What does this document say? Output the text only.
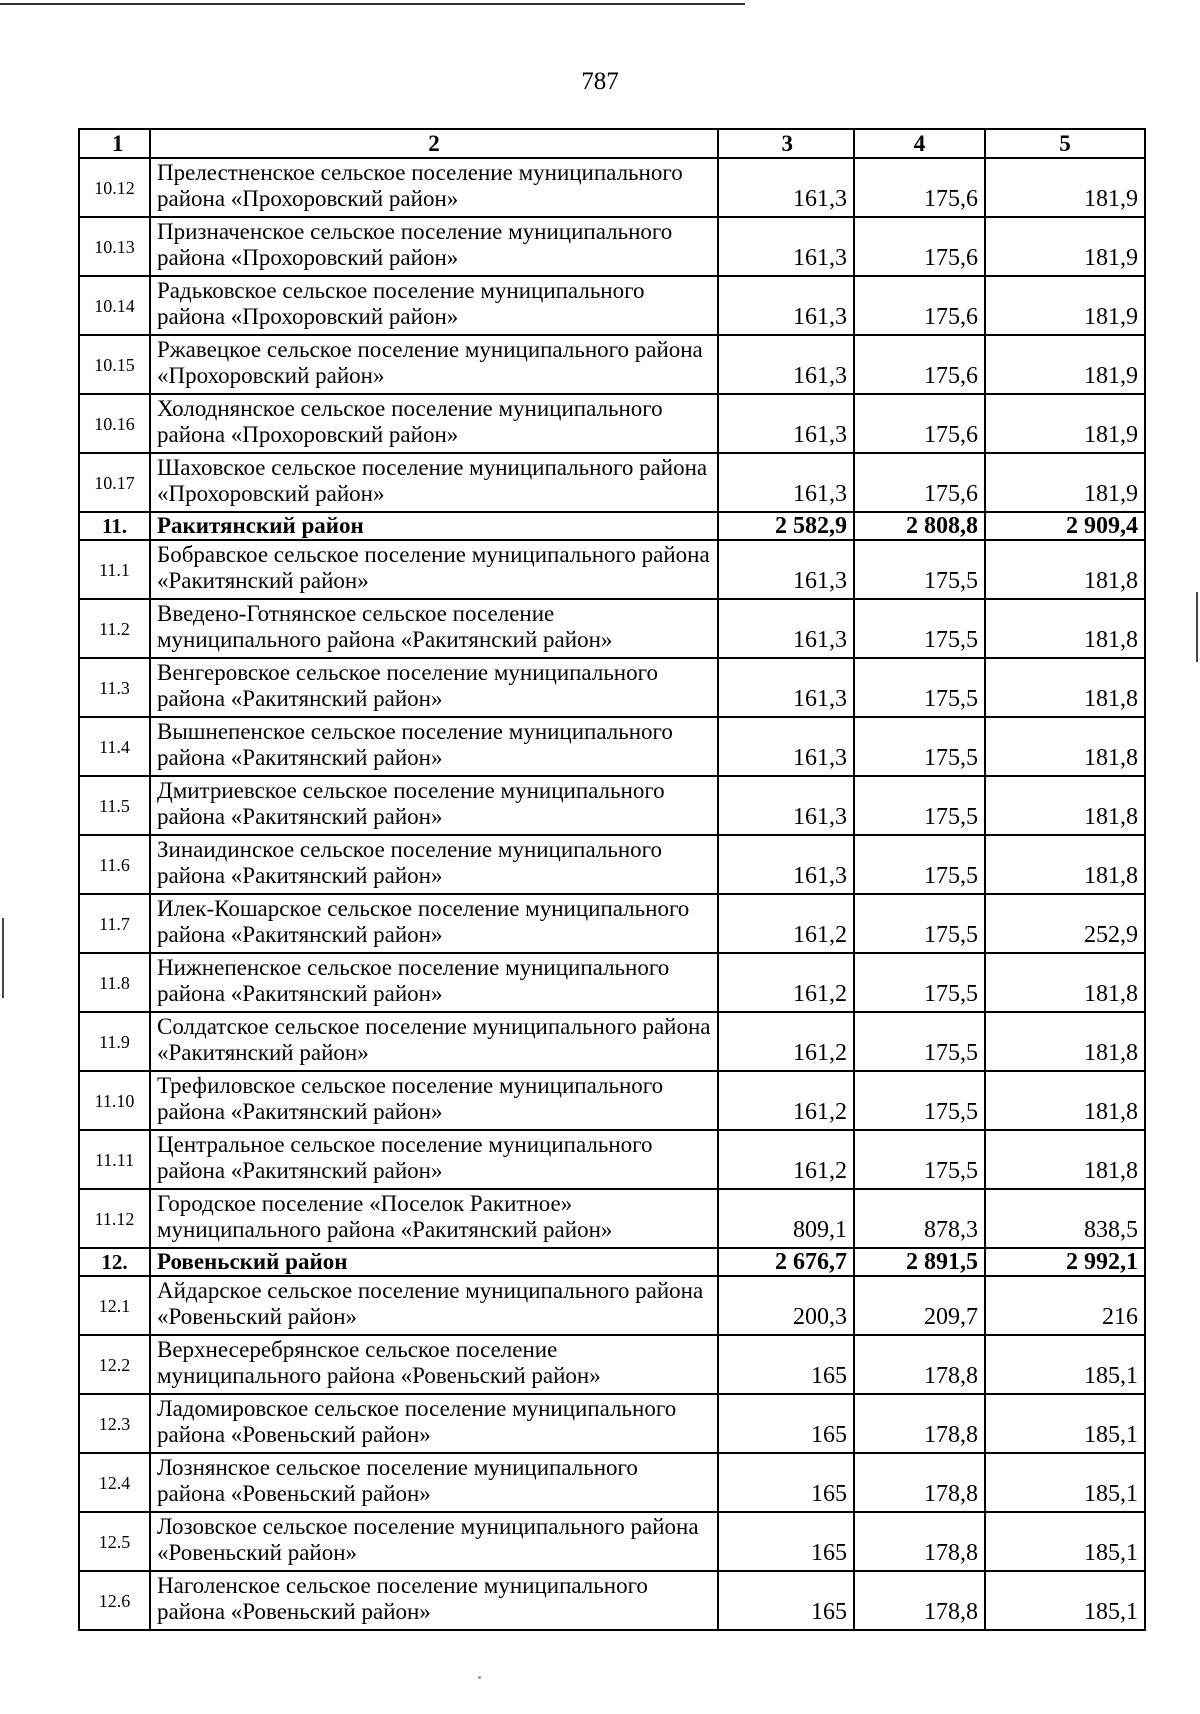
787
1	2	3	4	5
10.12	Прелестненское сельское поселение муниципального района «Прохоровский район»	161,3	175,6	181,9
10.13	Призначенское сельское поселение муниципального района «Прохоровский район»	161,3	175,6	181,9
10.14	Радьковское сельское поселение муниципального района «Прохоровский район»	161,3	175,6	181,9
10.15	Ржавецкое сельское поселение муниципального района «Прохоровский район»	161,3	175,6	181,9
10.16	Холоднянское сельское поселение муниципального района «Прохоровский район»	161,3	175,6	181,9
10.17	Шаховское сельское поселение муниципального района «Прохоровский район»	161,3	175,6	181,9
11.	Ракитянский район	2 582,9	2 808,8	2 909,4
11.1	Бобравское сельское поселение муниципального района «Ракитянский район»	161,3	175,5	181,8
11.2	Введено-Готнянское сельское поселение муниципального района «Ракитянский район»	161,3	175,5	181,8
11.3	Венгеровское сельское поселение муниципального района «Ракитянский район»	161,3	175,5	181,8
11.4	Вышнепенское сельское поселение муниципального района «Ракитянский район»	161,3	175,5	181,8
11.5	Дмитриевское сельское поселение муниципального района «Ракитянский район»	161,3	175,5	181,8
11.6	Зинаидинское сельское поселение муниципального района «Ракитянский район»	161,3	175,5	181,8
11.7	Илек-Кошарское сельское поселение муниципального района «Ракитянский район»	161,2	175,5	252,9
11.8	Нижнепенское сельское поселение муниципального района «Ракитянский район»	161,2	175,5	181,8
11.9	Солдатское сельское поселение муниципального района «Ракитянский район»	161,2	175,5	181,8
11.10	Трефиловское сельское поселение муниципального района «Ракитянский район»	161,2	175,5	181,8
11.11	Центральное сельское поселение муниципального района «Ракитянский район»	161,2	175,5	181,8
11.12	Городское поселение «Поселок Ракитное» муниципального района «Ракитянский район»	809,1	878,3	838,5
12.	Ровеньский район	2 676,7	2 891,5	2 992,1
12.1	Айдарское сельское поселение муниципального района «Ровеньский район»	200,3	209,7	216
12.2	Верхнесеребрянское сельское поселение муниципального района «Ровеньский район»	165	178,8	185,1
12.3	Ладомировское сельское поселение муниципального района «Ровеньский район»	165	178,8	185,1
12.4	Лознянское сельское поселение муниципального района «Ровеньский район»	165	178,8	185,1
12.5	Лозовское сельское поселение муниципального района «Ровеньский район»	165	178,8	185,1
12.6	Наголенское сельское поселение муниципального района «Ровеньский район»	165	178,8	185,1
